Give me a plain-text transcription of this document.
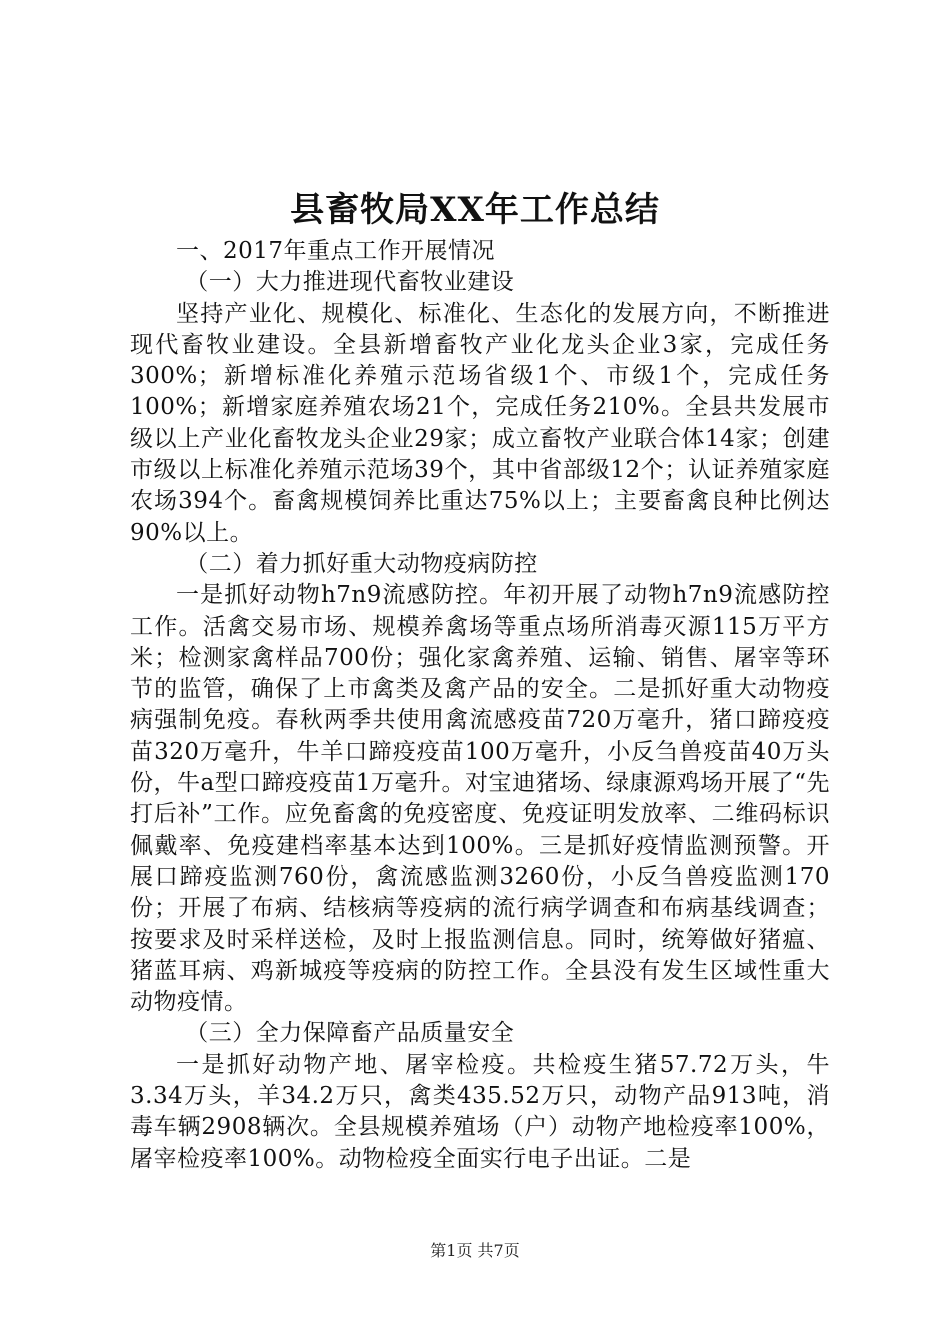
县畜牧局XX年工作总结

一、2017年重点工作开展情况

（一）大力推进现代畜牧业建设

坚持产业化、规模化、标准化、生态化的发展方向，不断推进现代畜牧业建设。全县新增畜牧产业化龙头企业3家，完成任务300%；新增标准化养殖示范场省级1个、市级1个，完成任务100%；新增家庭养殖农场21个，完成任务210%。全县共发展市级以上产业化畜牧龙头企业29家；成立畜牧产业联合体14家；创建市级以上标准化养殖示范场39个，其中省部级12个；认证养殖家庭农场394个。畜禽规模饲养比重达75%以上；主要畜禽良种比例达90%以上。

（二）着力抓好重大动物疫病防控

一是抓好动物h7n9流感防控。年初开展了动物h7n9流感防控工作。活禽交易市场、规模养禽场等重点场所消毒灭源115万平方米；检测家禽样品700份；强化家禽养殖、运输、销售、屠宰等环节的监管，确保了上市禽类及禽产品的安全。二是抓好重大动物疫病强制免疫。春秋两季共使用禽流感疫苗720万毫升，猪口蹄疫疫苗320万毫升，牛羊口蹄疫疫苗100万毫升，小反刍兽疫苗40万头份，牛a型口蹄疫疫苗1万毫升。对宝迪猪场、绿康源鸡场开展了“先打后补”工作。应免畜禽的免疫密度、免疫证明发放率、二维码标识佩戴率、免疫建档率基本达到100%。三是抓好疫情监测预警。开展口蹄疫监测760份，禽流感监测3260份，小反刍兽疫监测170份；开展了布病、结核病等疫病的流行病学调查和布病基线调查；按要求及时采样送检，及时上报监测信息。同时，统筹做好猪瘟、猪蓝耳病、鸡新城疫等疫病的防控工作。全县没有发生区域性重大动物疫情。

（三）全力保障畜产品质量安全

一是抓好动物产地、屠宰检疫。共检疫生猪57.72万头，牛3.34万头，羊34.2万只，禽类435.52万只，动物产品913吨，消毒车辆2908辆次。全县规模养殖场（户）动物产地检疫率100%，屠宰检疫率100%。动物检疫全面实行电子出证。二是

第1页 共7页
